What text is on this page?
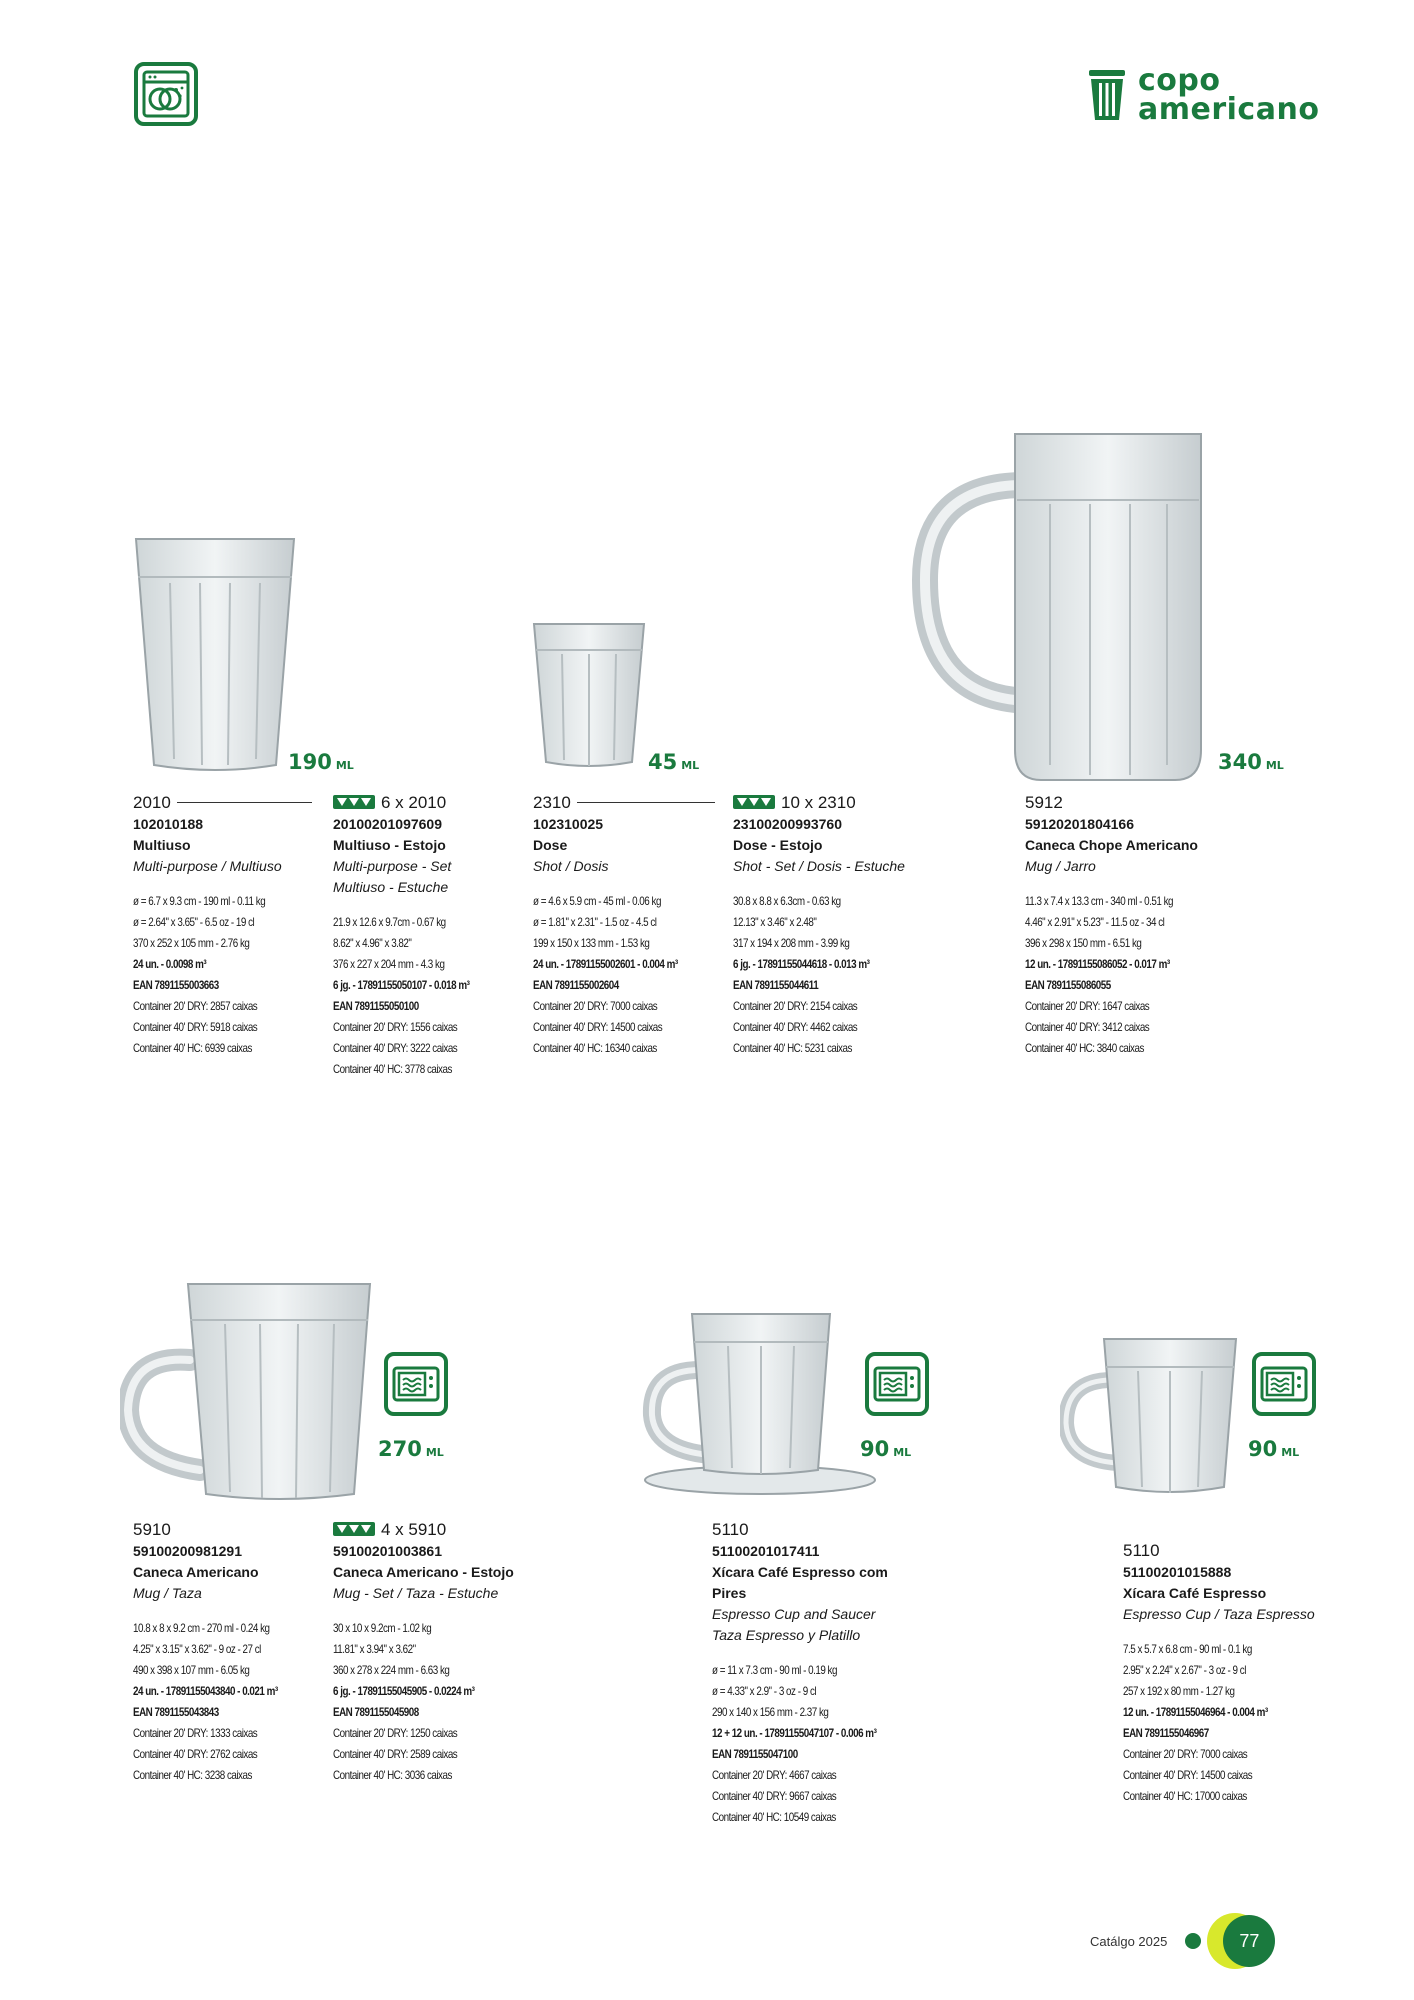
copo
americano
190 ML	45 ML	340 ML
2010
102010188
Multiuso
Multi-purpose / Multiuso
ø = 6.7 x 9.3 cm - 190 ml - 0.11 kg
ø = 2.64" x 3.65" - 6.5 oz - 19 cl
370 x 252 x 105 mm - 2.76 kg
24 un. - 0.0098 m³
EAN 7891155003663
Container 20' DRY: 2857 caixas
Container 40' DRY: 5918 caixas
Container 40' HC: 6939 caixas
6 x 2010
20100201097609
Multiuso - Estojo
Multi-purpose - Set
Multiuso - Estuche
21.9 x 12.6 x 9.7cm - 0.67 kg
8.62" x 4.96" x 3.82"
376 x 227 x 204 mm - 4.3 kg
6 jg. - 17891155050107 - 0.018 m³
EAN 7891155050100
Container 20' DRY: 1556 caixas
Container 40' DRY: 3222 caixas
Container 40' HC: 3778 caixas
2310
102310025
Dose
Shot / Dosis
ø = 4.6 x 5.9 cm - 45 ml - 0.06 kg
ø = 1.81" x 2.31" - 1.5 oz - 4.5 cl
199 x 150 x 133 mm - 1.53 kg
24 un. - 17891155002601 - 0.004 m³
EAN 7891155002604
Container 20' DRY: 7000 caixas
Container 40' DRY: 14500 caixas
Container 40' HC: 16340 caixas
10 x 2310
23100200993760
Dose - Estojo
Shot - Set / Dosis - Estuche
30.8 x 8.8 x 6.3cm - 0.63 kg
12.13" x 3.46" x 2.48"
317 x 194 x 208 mm - 3.99 kg
6 jg. - 17891155044618 - 0.013 m³
EAN 7891155044611
Container 20' DRY: 2154 caixas
Container 40' DRY: 4462 caixas
Container 40' HC: 5231 caixas
5912
59120201804166
Caneca Chope Americano
Mug / Jarro
11.3 x 7.4 x 13.3 cm - 340 ml - 0.51 kg
4.46" x 2.91" x 5.23" - 11.5 oz - 34 cl
396 x 298 x 150 mm - 6.51 kg
12 un. - 17891155086052 - 0.017 m³
EAN 7891155086055
Container 20' DRY: 1647 caixas
Container 40' DRY: 3412 caixas
Container 40' HC: 3840 caixas
270 ML	90 ML	90 ML
5910
59100200981291
Caneca Americano
Mug / Taza
10.8 x 8 x 9.2 cm - 270 ml - 0.24 kg
4.25" x 3.15" x 3.62" - 9 oz - 27 cl
490 x 398 x 107 mm - 6.05 kg
24 un. - 17891155043840 - 0.021 m³
EAN 7891155043843
Container 20' DRY: 1333 caixas
Container 40' DRY: 2762 caixas
Container 40' HC: 3238 caixas
4 x 5910
59100201003861
Caneca Americano - Estojo
Mug - Set / Taza - Estuche
30 x 10 x 9.2cm - 1.02 kg
11.81" x 3.94" x 3.62"
360 x 278 x 224 mm - 6.63 kg
6 jg. - 17891155045905 - 0.0224 m³
EAN 7891155045908
Container 20' DRY: 1250 caixas
Container 40' DRY: 2589 caixas
Container 40' HC: 3036 caixas
5110
51100201017411
Xícara Café Espresso com
Pires
Espresso Cup and Saucer
Taza Espresso y Platillo
ø = 11 x 7.3 cm - 90 ml - 0.19 kg
ø = 4.33" x 2.9" - 3 oz - 9 cl
290 x 140 x 156 mm - 2.37 kg
12 + 12 un. - 17891155047107 - 0.006 m³
EAN 7891155047100
Container 20' DRY: 4667 caixas
Container 40' DRY: 9667 caixas
Container 40' HC: 10549 caixas
5110
51100201015888
Xícara Café Espresso
Espresso Cup / Taza Espresso
7.5 x 5.7 x 6.8 cm - 90 ml - 0.1 kg
2.95" x 2.24" x 2.67" - 3 oz - 9 cl
257 x 192 x 80 mm - 1.27 kg
12 un. - 17891155046964 - 0.004 m³
EAN 7891155046967
Container 20' DRY: 7000 caixas
Container 40' DRY: 14500 caixas
Container 40' HC: 17000 caixas
Catálgo 2025	77
